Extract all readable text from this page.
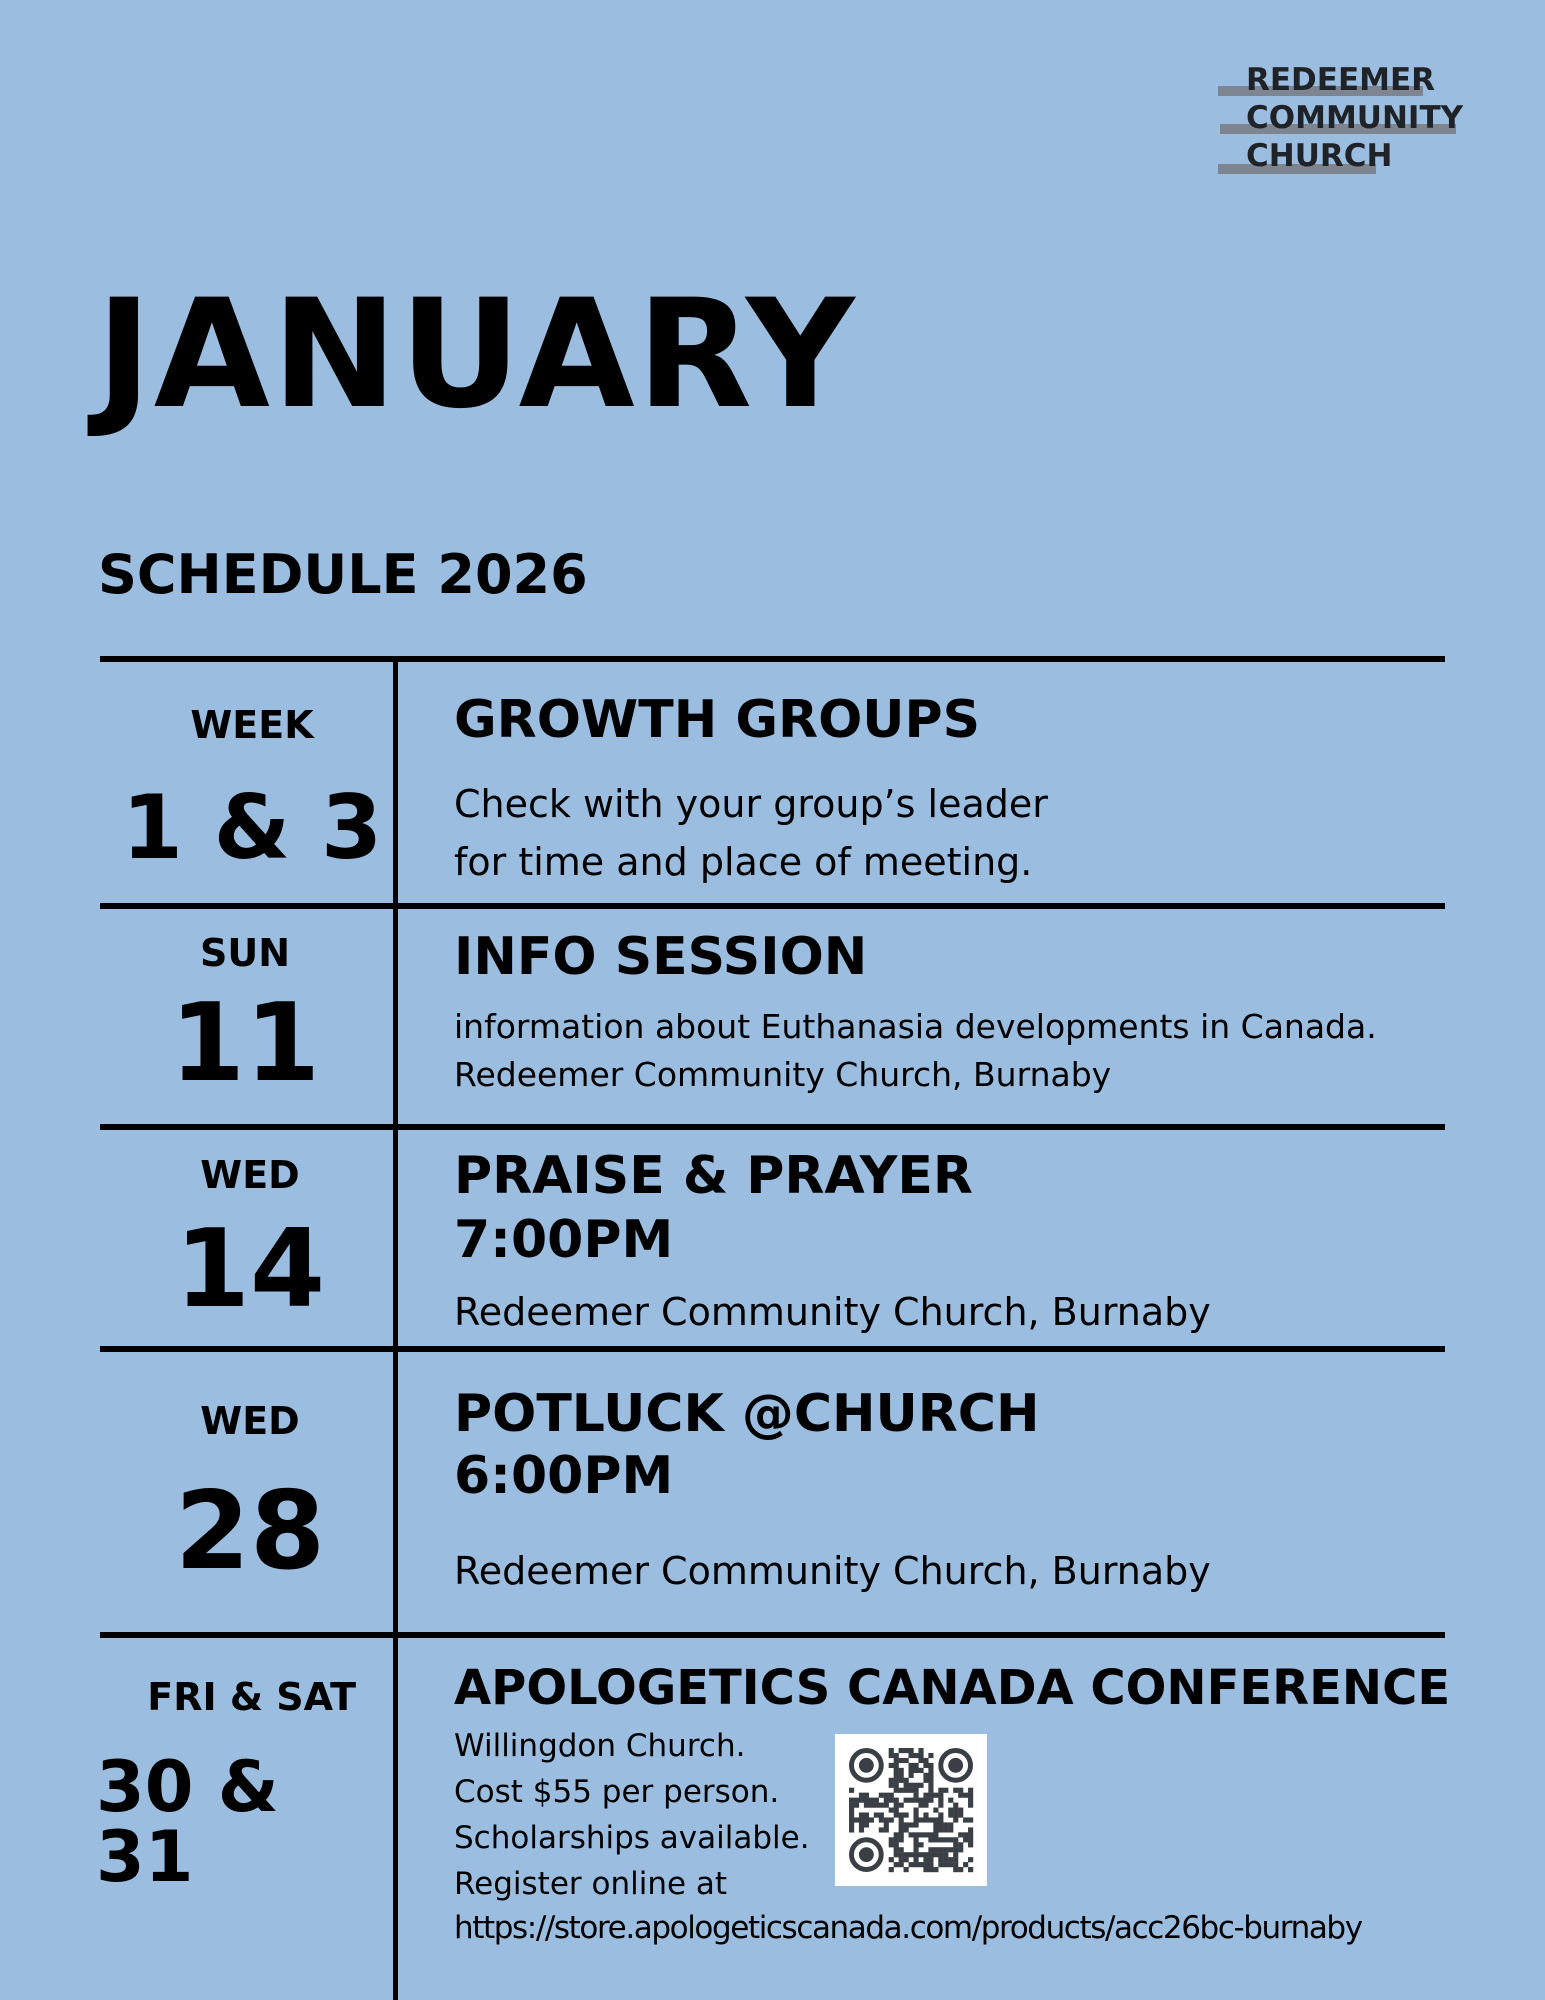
REDEEMER
COMMUNITY
CHURCH
JANUARY
SCHEDULE 2026
WEEK
1 & 3
GROWTH GROUPS
Check with your group’s leader
for time and place of meeting.
SUN
11
INFO SESSION
information about Euthanasia developments in Canada.
Redeemer Community Church, Burnaby
WED
14
PRAISE & PRAYER
7:00PM
Redeemer Community Church, Burnaby
WED
28
POTLUCK @CHURCH
6:00PM
Redeemer Community Church, Burnaby
FRI & SAT
30 & 31
APOLOGETICS CANADA CONFERENCE
Willingdon Church.
Cost $55 per person.
Scholarships available.
Register online at
https://store.apologeticscanada.com/products/acc26bc-burnaby
